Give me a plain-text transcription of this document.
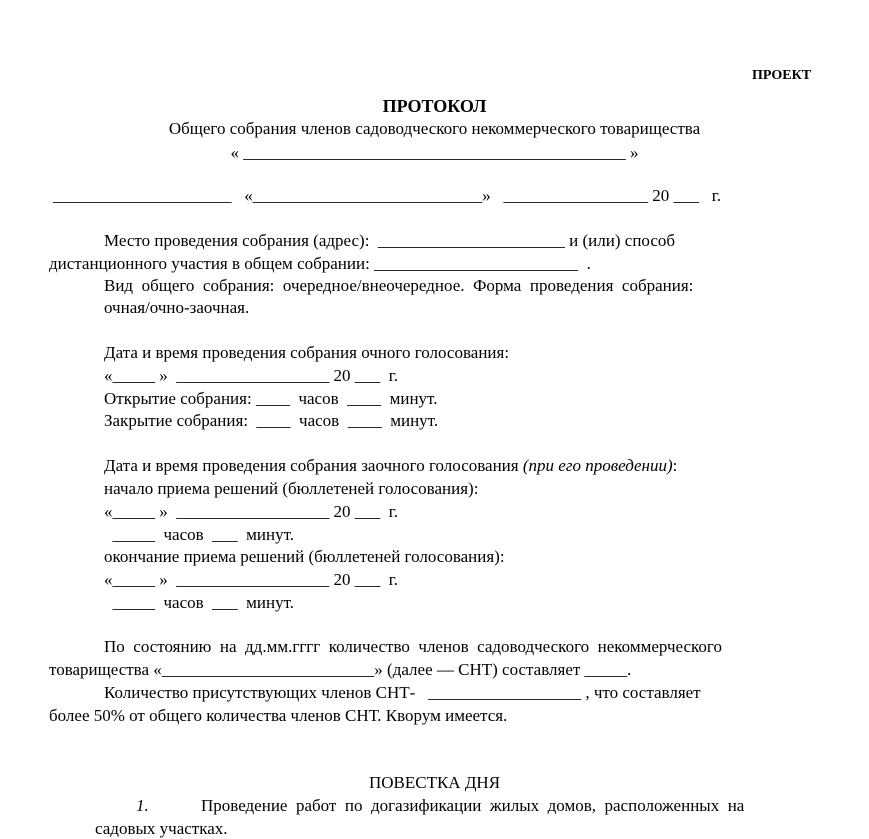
ПРОЕКТ
ПРОТОКОЛ
Общего собрания членов садоводческого некоммерческого товарищества
« _____________________________________________ »
_____________________   «___________________________»   _________________ 20 ___   г.
Место проведения собрания (адрес):  ______________________ и (или) способ
дистанционного участия в общем собрании: ________________________  .
Вид  общего  собрания:  очередное/внеочередное.  Форма  проведения  собрания:
очная/очно-заочная.
Дата и время проведения собрания очного голосования:
«_____ »  __________________ 20 ___  г.
Открытие собрания: ____  часов  ____  минут.
Закрытие собрания:  ____  часов  ____  минут.
Дата и время проведения собрания заочного голосования (при его проведении):
начало приема решений (бюллетеней голосования):
«_____ »  __________________ 20 ___  г.
_____  часов  ___  минут.
окончание приема решений (бюллетеней голосования):
«_____ »  __________________ 20 ___  г.
_____  часов  ___  минут.
По  состоянию  на  дд.мм.гггг  количество  членов  садоводческого  некоммерческого
товарищества «_________________________» (далее — СНТ) составляет _____.
Количество присутствующих членов СНТ-   __________________ , что составляет
более 50% от общего количества членов СНТ. Кворум имеется.
ПОВЕСТКА ДНЯ
1.	Проведение  работ  по  догазификации  жилых  домов,  расположенных  на
садовых участках.
